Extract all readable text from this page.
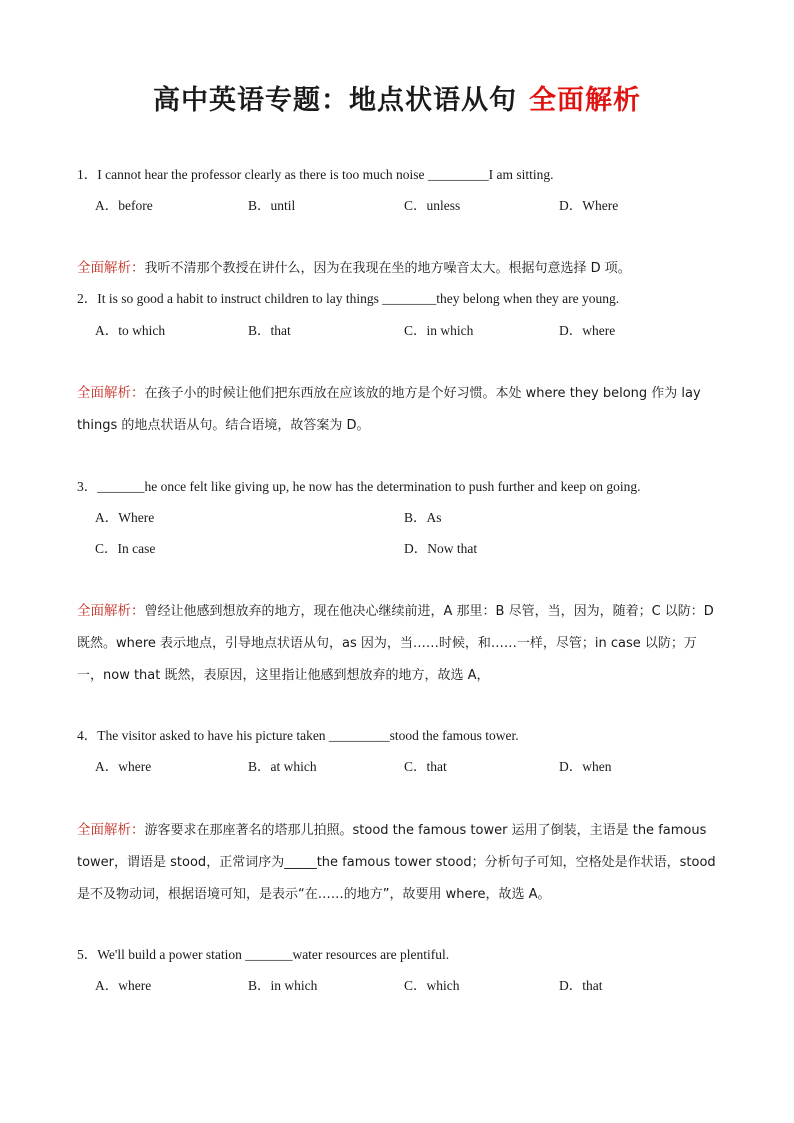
高中英语专题：地点状语从句 全面解析
1．I cannot hear the professor clearly as there is too much noise _________I am sitting.
A．before	B．until	C．unless	D．Where
全面解析：我听不清那个教授在讲什么，因为在我现在坐的地方噪音太大。根据句意选择 D 项。
2．It is so good a habit to instruct children to lay things ________they belong when they are young.
A．to which	B．that	C．in which	D．where
全面解析：在孩子小的时候让他们把东西放在应该放的地方是个好习惯。本处 where they belong 作为 lay things 的地点状语从句。结合语境，故答案为 D。
3．_______he once felt like giving up, he now has the determination to push further and keep on going.
A．Where	B．As
C．In case	D．Now that
全面解析：曾经让他感到想放弃的地方，现在他决心继续前进，A 那里：B 尽管，当，因为，随着；C 以防：D 既然。where 表示地点，引导地点状语从句，as 因为，当……时候，和……一样，尽管；in case 以防；万一，now that 既然，表原因，这里指让他感到想放弃的地方，故选 A，
4．The visitor asked to have his picture taken _________stood the famous tower.
A．where	B．at which	C．that	D．when
全面解析：游客要求在那座著名的塔那儿拍照。stood the famous tower 运用了倒装，主语是 the famous tower，谓语是 stood，正常词序为_____the famous tower stood；分析句子可知，空格处是作状语，stood 是不及物动词，根据语境可知，是表示“在……的地方”，故要用 where，故选 A。
5．We'll build a power station _______water resources are plentiful.
A．where	B．in which	C．which	D．that
